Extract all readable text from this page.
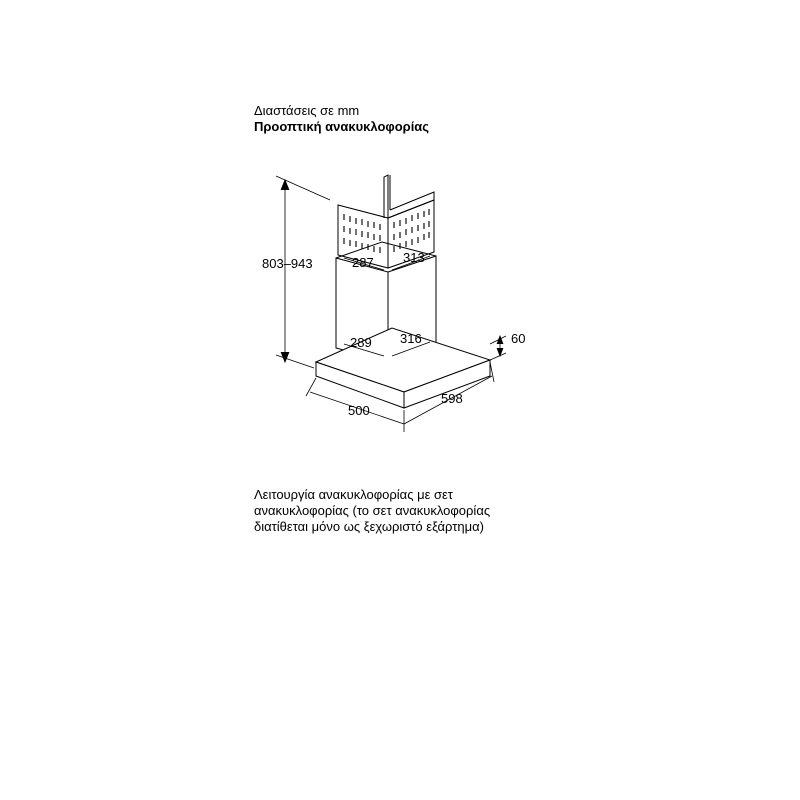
Διαστάσεις σε mm
Προοπτική ανακυκλοφορίας
803–943	287 313
289 316	60
500
598
Λειτουργία ανακυκλοφορίας με σετ
ανακυκλοφορίας (το σετ ανακυκλοφορίας
διατίθεται μόνο ως ξεχωριστό εξάρτημα)
